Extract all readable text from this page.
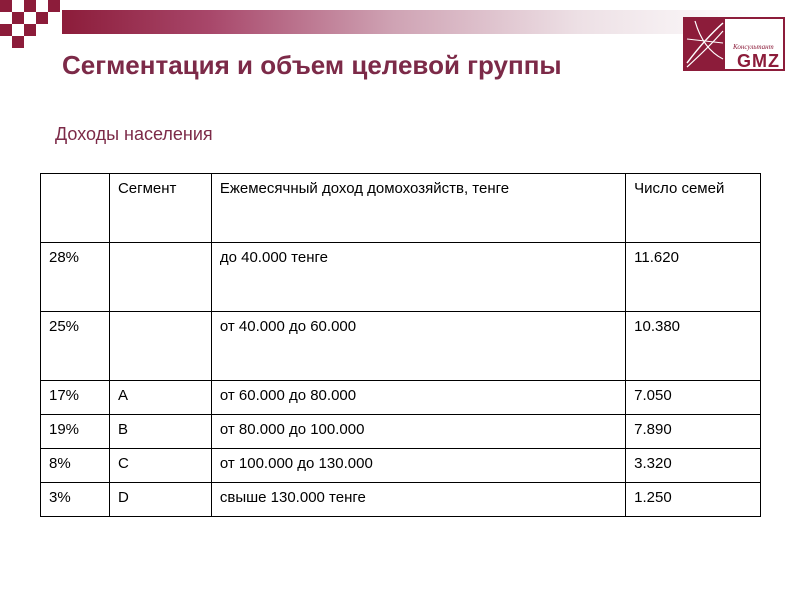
Консультант
GMZ
Сегментация и объем целевой группы
Доходы населения
	Сегмент	Ежемесячный доход домохозяйств, тенге	Число семей
28%		до 40.000 тенге	11.620
25%		от 40.000 до 60.000	10.380
17%	A	от 60.000 до 80.000	7.050
19%	B	от 80.000 до 100.000	7.890
8%	C	от 100.000 до 130.000	3.320
3%	D	свыше 130.000 тенге	1.250
